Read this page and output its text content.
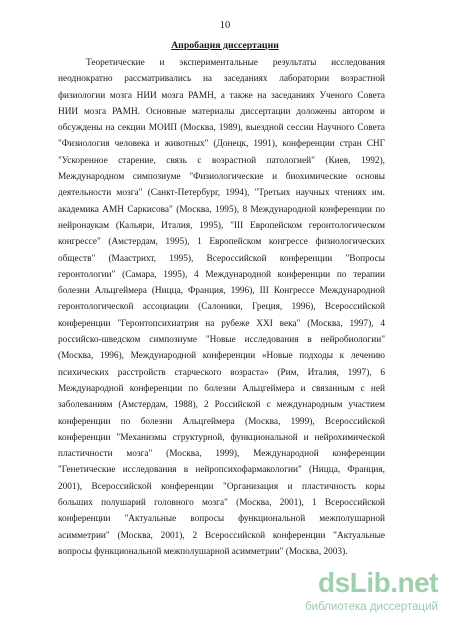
10
Апробация диссертации
Теоретические и экспериментальные результаты исследования
неоднократно рассматривались на заседаниях лаборатории возрастной
физиологии мозга НИИ мозга РАМН, а также на заседаниях Ученого Совета
НИИ мозга РАМН. Основные материалы диссертации доложены автором и
обсуждены на секции МОИП (Москва, 1989), выездной сессии Научного Совета
"Физиология человека и животных" (Донецк, 1991), конференции стран СНГ
"Ускоренное старение, связь с возрастной патологией" (Киев, 1992),
Международном симпозиуме "Физиологические и биохимические основы
деятельности мозга" (Санкт-Петербург, 1994), "Третьих научных чтениях им.
академика АМН Саркисова" (Москва, 1995), 8 Международной конференции по
нейронаукам (Кальяри, Италия, 1995), "III Европейском геронтологическом
конгрессе" (Амстердам, 1995), 1 Европейском конгрессе физиологических
обществ" (Маастрихт, 1995), Всероссийской конференции "Вопросы
геронтологии" (Самара, 1995), 4 Международной конференции по терапии
болезни Альцгеймера (Ницца, Франция, 1996), III Конгрессе Международной
геронтологической ассоциации (Салоники, Греция, 1996), Всероссийской
конференции "Геронтопсихиатрия на рубеже XXI века" (Москва, 1997), 4
российско-шведском симпозиуме "Новые исследования в нейробиологии"
(Москва, 1996), Международной конференции «Новые подходы к лечению
психических расстройств старческого возраста» (Рим, Италия, 1997), 6
Международной конференции по болезни Альцгеймера и связанным с ней
заболеваниям (Амстердам, 1988), 2 Российской с международным участием
конференции по болезни Альцгеймера (Москва, 1999), Всероссийской
конференции "Механизмы структурной, функциональной и нейрохимической
пластичности мозга" (Москва, 1999), Международной конференции
"Генетические исследования в нейропсихофармакологии" (Ницца, Франция,
2001), Всероссийской конференции "Организация и пластичность коры
больших полушарий головного мозга" (Москва, 2001), 1 Всероссийской
конференции "Актуальные вопросы функциональной межполушарной
асимметрии" (Москва, 2001), 2 Всероссийской конференции "Актуальные
вопросы функциональной межполушарной асимметрии" (Москва, 2003).
dsLib.net
библиотека диссертаций
